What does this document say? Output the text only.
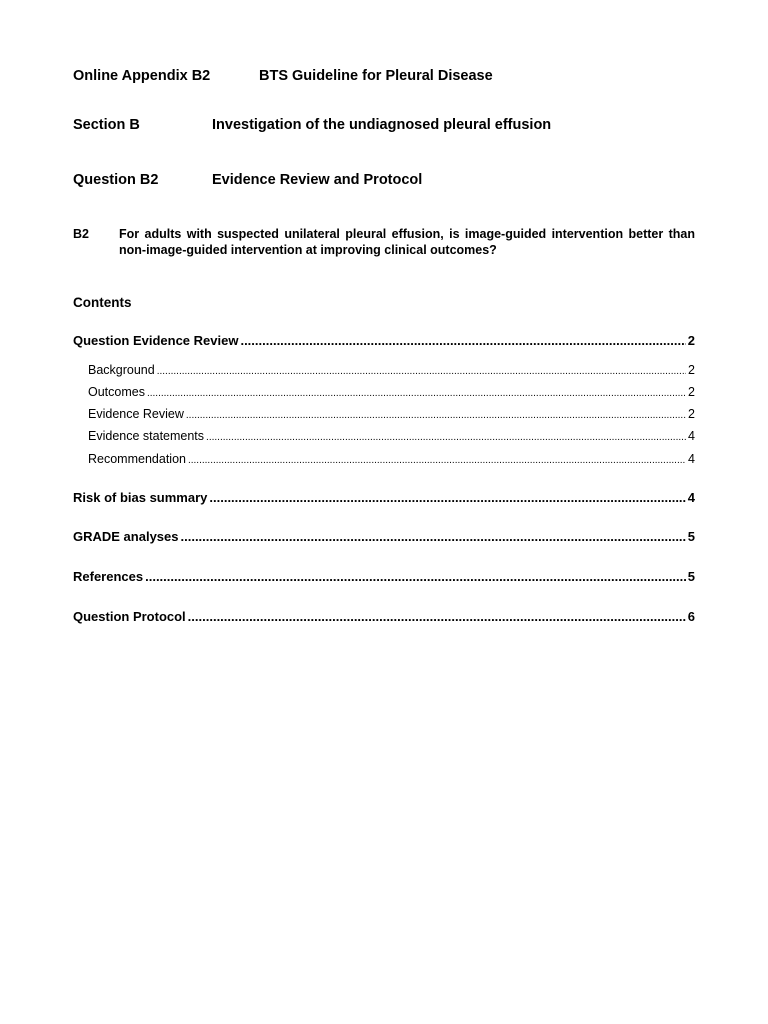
Online Appendix B2	BTS Guideline for Pleural Disease
Section B	Investigation of the undiagnosed pleural effusion
Question B2	Evidence Review and Protocol
B2 For adults with suspected unilateral pleural effusion, is image-guided intervention better than non-image-guided intervention at improving clinical outcomes?
Contents
Question Evidence Review .....	2
Background .....	2
Outcomes .....	2
Evidence Review .....	2
Evidence statements .....	4
Recommendation .....	4
Risk of bias summary .....	4
GRADE analyses .....	5
References .....	5
Question Protocol .....	6
